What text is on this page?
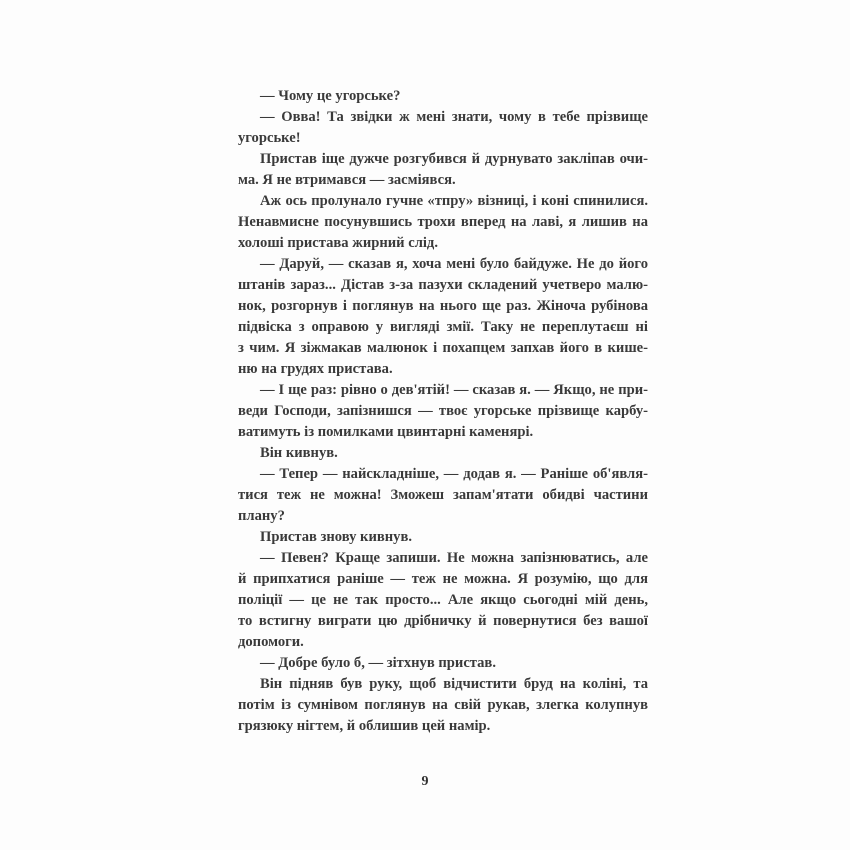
— Чому це угорське?
— Овва! Та звідки ж мені знати, чому в тебе прізвище
угорське!
Пристав іще дужче розгубився й дурнувато заклiпав очи-
ма. Я не втримався — засміявся.
Аж ось пролунало гучне «тпру» візниці, і коні спинилися.
Ненавмисне посунувшись трохи вперед на лаві, я лишив на
холоші пристава жирний слід.
— Даруй, — сказав я, хоча мені було байдуже. Не до його
штанів зараз... Дістав з-за пазухи складений учетверо малю-
нок, розгорнув і поглянув на нього ще раз. Жіноча рубінова
підвіска з оправою у вигляді змії. Таку не переплутаєш ні
з чим. Я зіжмакав малюнок і похапцем запхав його в кише-
ню на грудях пристава.
— І ще раз: рівно о дев'ятій! — сказав я. — Якщо, не при-
веди Господи, запізнишся — твоє угорське прізвище карбу-
ватимуть із помилками цвинтарні каменярі.
Він кивнув.
— Тепер — найскладніше, — додав я. — Раніше об'явля-
тися теж не можна! Зможеш запам'ятати обидві частини
плану?
Пристав знову кивнув.
— Певен? Краще запиши. Не можна запізнюватись, але
й припхатися раніше — теж не можна. Я розумію, що для
поліції — це не так просто... Але якщо сьогодні мій день,
то встигну виграти цю дрібничку й повернутися без вашої
допомоги.
— Добре було б, — зітхнув пристав.
Він підняв був руку, щоб відчистити бруд на коліні, та
потім із сумнівом поглянув на свій рукав, злегка колупнув
грязюку нігтем, й облишив цей намір.
9
